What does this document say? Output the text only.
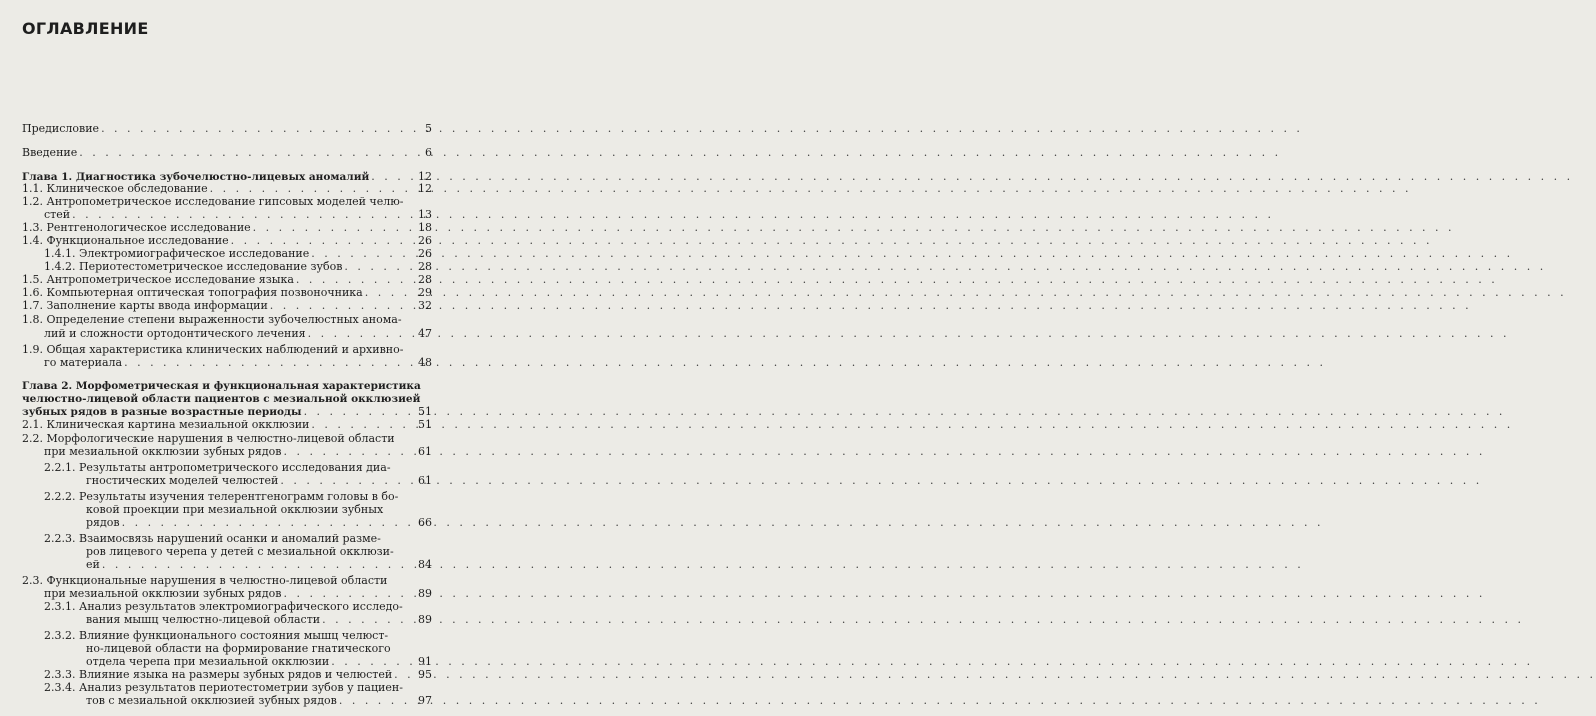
ОГЛАВЛЕНИЕ
Предисловие . . .	5
Введение . . .	6
Глава 1. Диагностика зубочелюстно-лицевых аномалий . . .	12
1.1. Клиническое обследование . . .	12
1.2. Антропометрическое исследование гипсовых моделей челю-
стей . . .	13
1.3. Рентгенологическое исследование . . .	18
1.4. Функциональное исследование . . .	26
1.4.1. Электромиографическое исследование . . .	26
1.4.2. Периотестометрическое исследование зубов . . .	28
1.5. Антропометрическое исследование языка . . .	28
1.6. Компьютерная оптическая топография позвоночника . . .	29
1.7. Заполнение карты ввода информации . . .	32
1.8. Определение степени выраженности зубочелюстных анома-
лий и сложности ортодонтического лечения . . .	47
1.9. Общая характеристика клинических наблюдений и архивно-
го материала . . .	48
Глава 2. Морфометрическая и функциональная характеристика
челюстно-лицевой области пациентов с мезиальной окклюзией
зубных рядов в разные возрастные периоды . . .	51
2.1. Клиническая картина мезиальной окклюзии . . .	51
2.2. Морфологические нарушения в челюстно-лицевой области
при мезиальной окклюзии зубных рядов . . .	61
2.2.1. Результаты антропометрического исследования диа-
гностических моделей челюстей . . .	61
2.2.2. Результаты изучения телерентгенограмм головы в бо-
ковой проекции при мезиальной окклюзии зубных
рядов . . .	66
2.2.3. Взаимосвязь нарушений осанки и аномалий разме-
ров лицевого черепа у детей с мезиальной окклюзи-
ей . . .	84
2.3. Функциональные нарушения в челюстно-лицевой области
при мезиальной окклюзии зубных рядов . . .	89
2.3.1. Анализ результатов электромиографического исследо-
вания мышц челюстно-лицевой области . . .	89
2.3.2. Влияние функционального состояния мышц челюст-
но-лицевой области на формирование гнатического
отдела черепа при мезиальной окклюзии . . .	91
2.3.3. Влияние языка на размеры зубных рядов и челюстей . . . 95
2.3.4. Анализ результатов периотестометрии зубов у пациен-
тов с мезиальной окклюзией зубных рядов . . .	97
